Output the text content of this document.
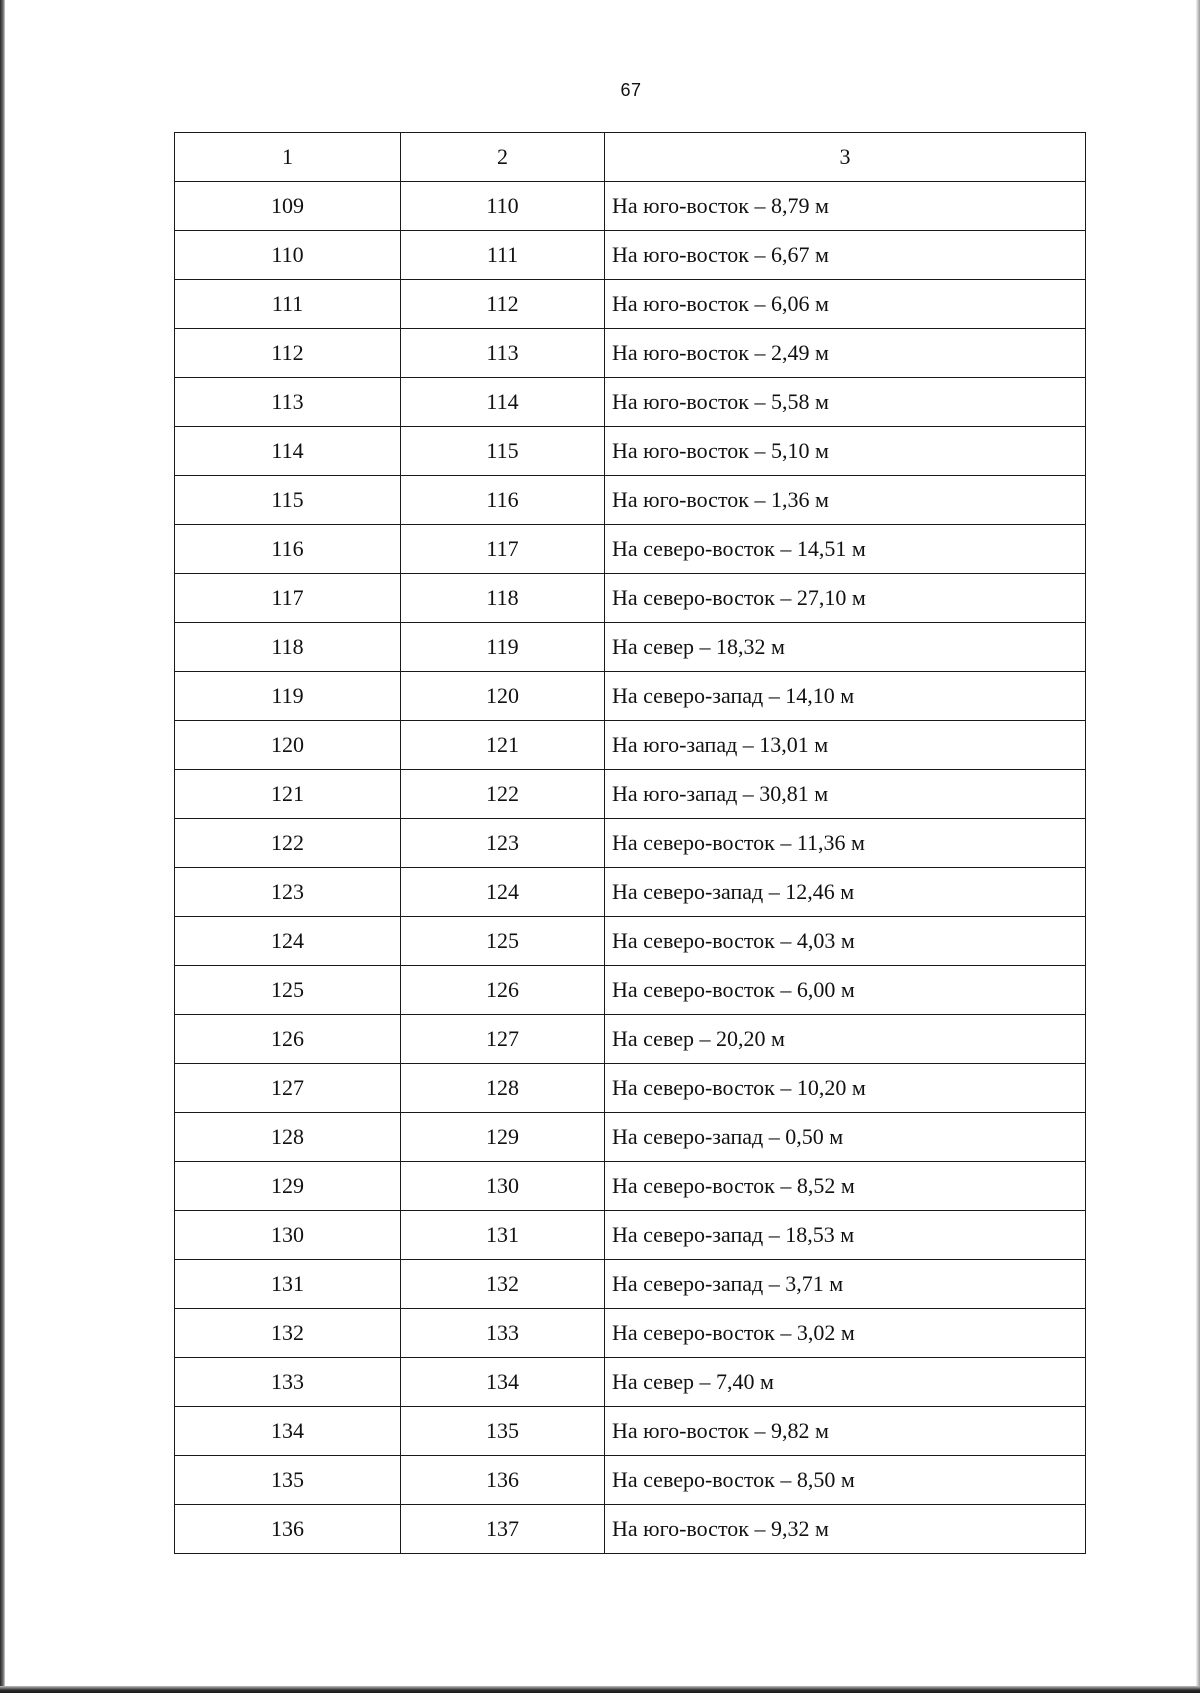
67
1	2	3
109	110	На юго-восток – 8,79 м
110	111	На юго-восток – 6,67 м
111	112	На юго-восток – 6,06 м
112	113	На юго-восток – 2,49 м
113	114	На юго-восток – 5,58 м
114	115	На юго-восток – 5,10 м
115	116	На юго-восток – 1,36 м
116	117	На северо-восток – 14,51 м
117	118	На северо-восток – 27,10 м
118	119	На север – 18,32 м
119	120	На северо-запад – 14,10 м
120	121	На юго-запад – 13,01 м
121	122	На юго-запад – 30,81 м
122	123	На северо-восток – 11,36 м
123	124	На северо-запад – 12,46 м
124	125	На северо-восток – 4,03 м
125	126	На северо-восток – 6,00 м
126	127	На север – 20,20 м
127	128	На северо-восток – 10,20 м
128	129	На северо-запад – 0,50 м
129	130	На северо-восток – 8,52 м
130	131	На северо-запад – 18,53 м
131	132	На северо-запад – 3,71 м
132	133	На северо-восток – 3,02 м
133	134	На север – 7,40 м
134	135	На юго-восток – 9,82 м
135	136	На северо-восток – 8,50 м
136	137	На юго-восток – 9,32 м
